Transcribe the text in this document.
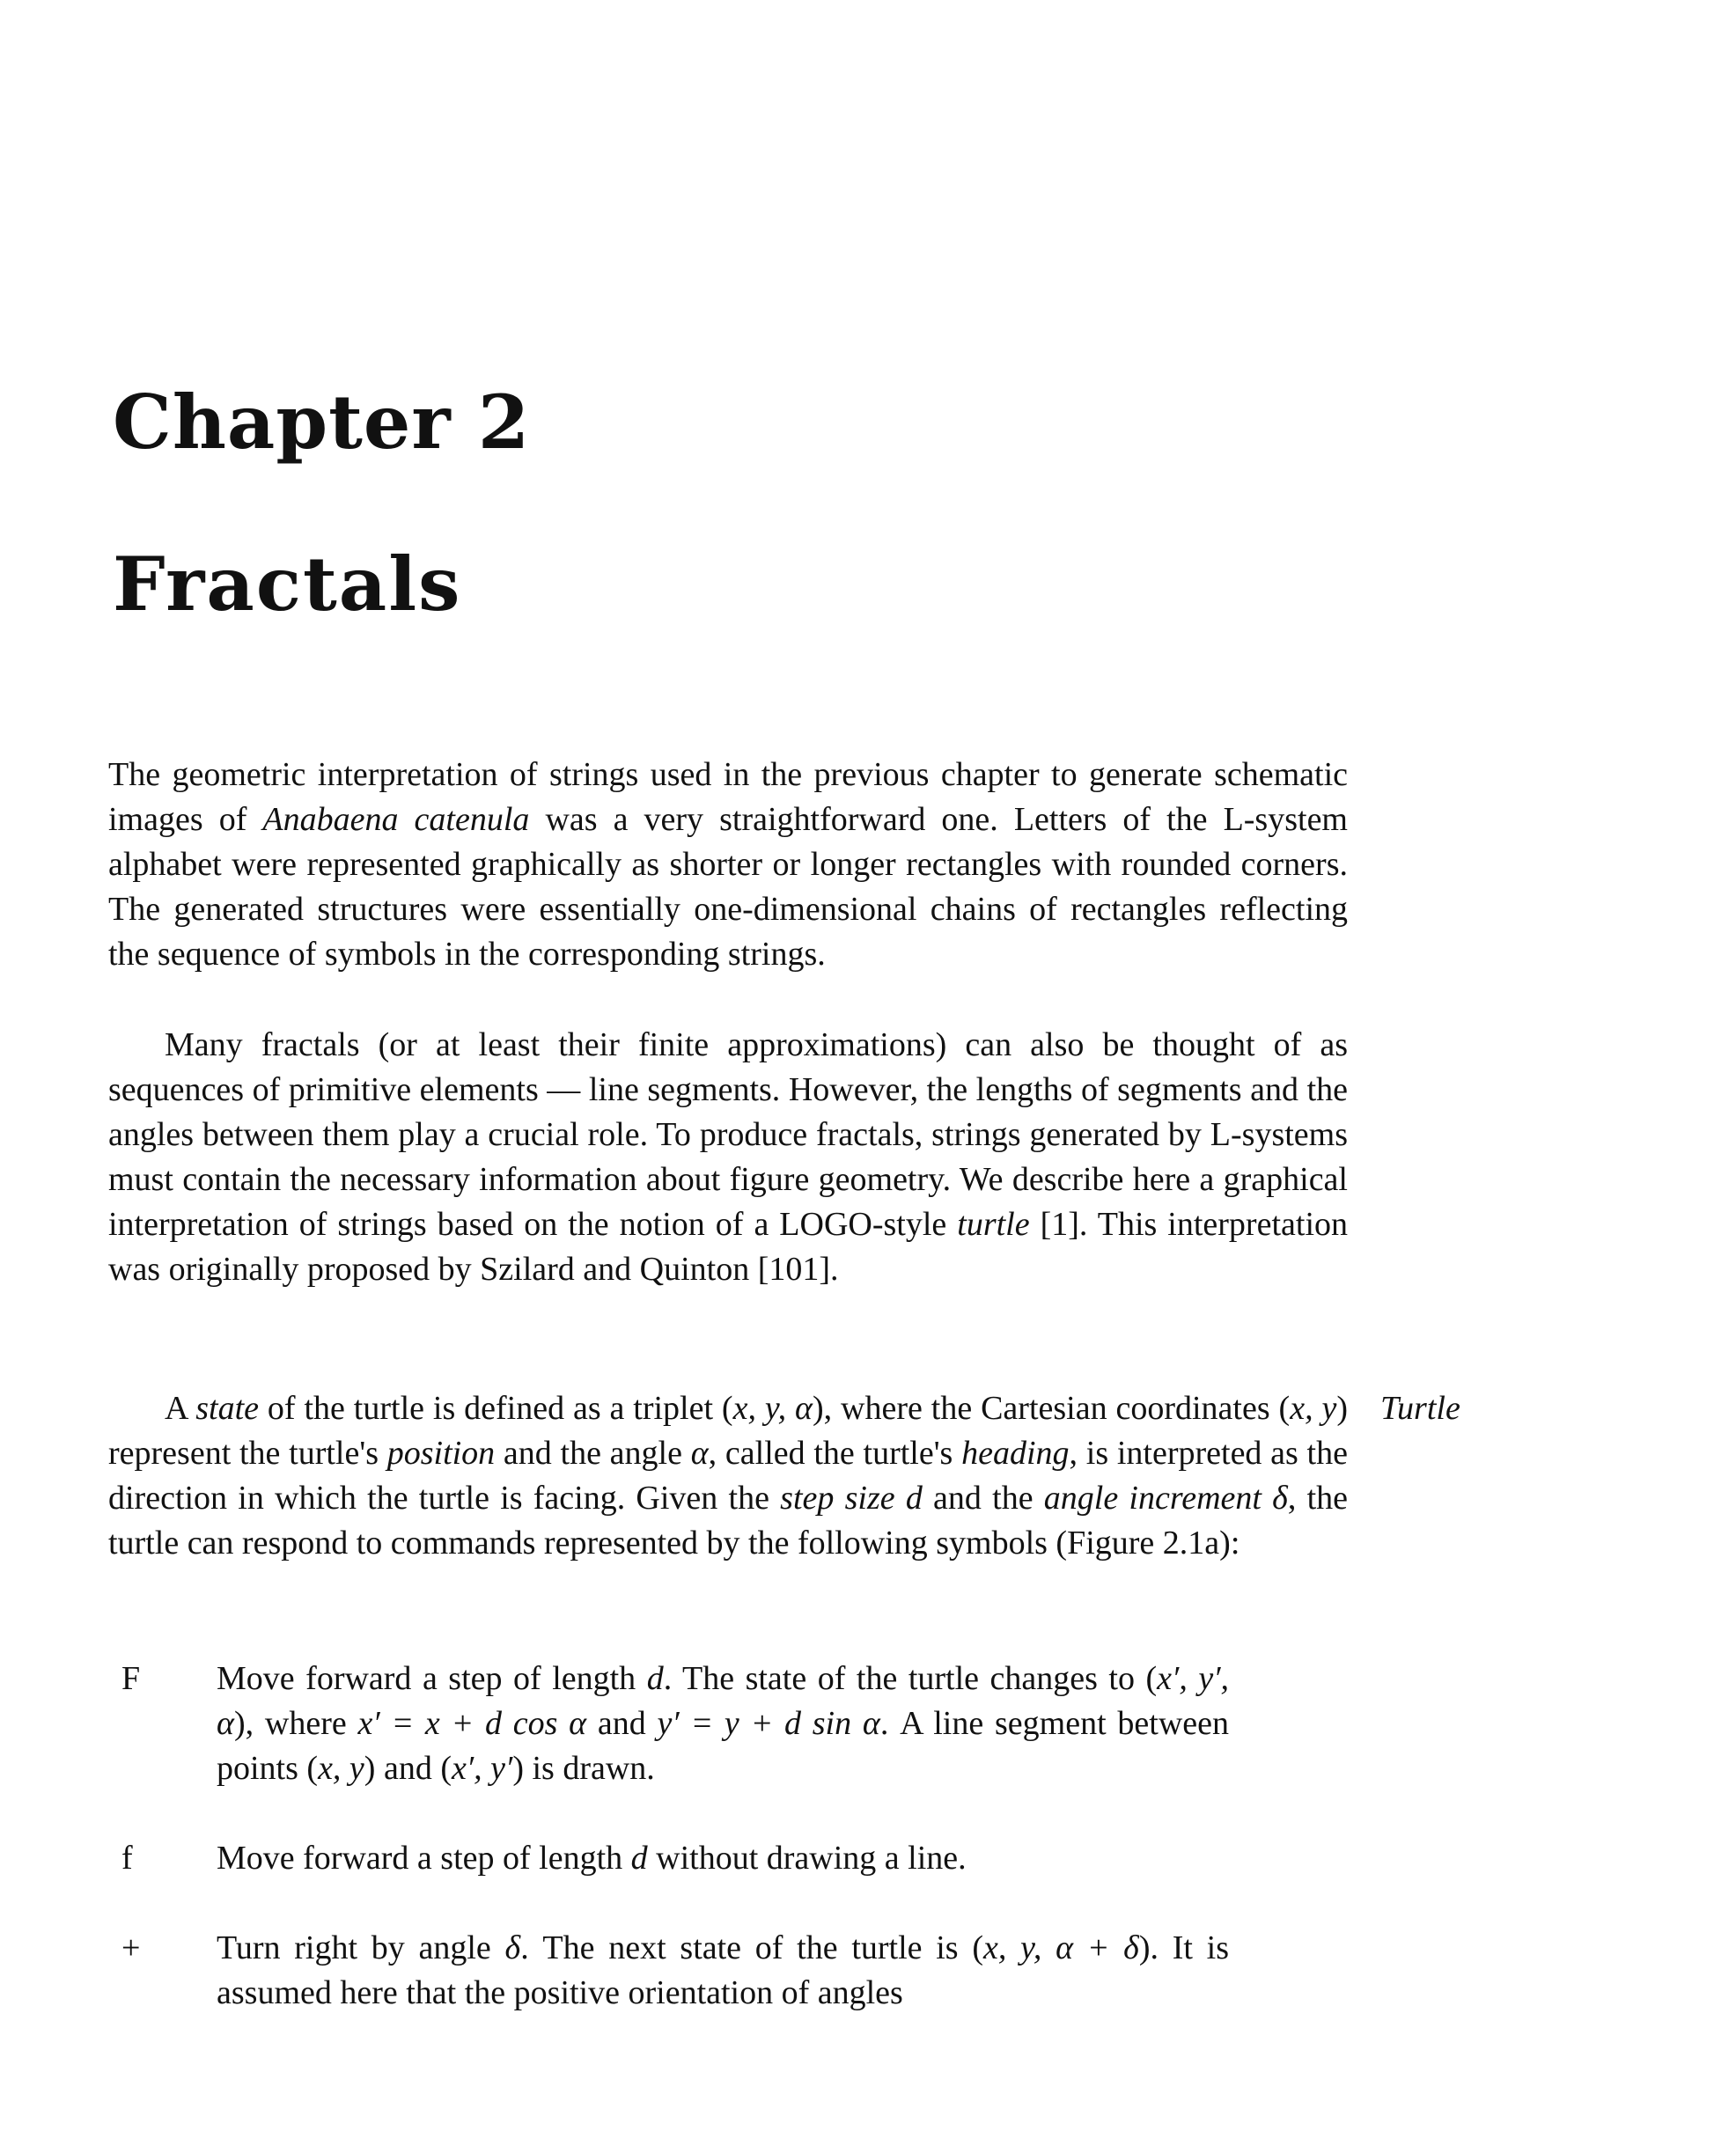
Chapter 2
Fractals

The geometric interpretation of strings used in the previous chapter to generate schematic images of Anabaena catenula was a very straightforward one. Letters of the L-system alphabet were represented graphically as shorter or longer rectangles with rounded corners. The generated structures were essentially one-dimensional chains of rectangles reflecting the sequence of symbols in the corresponding strings.

Many fractals (or at least their finite approximations) can also be thought of as sequences of primitive elements — line segments. However, the lengths of segments and the angles between them play a crucial role. To produce fractals, strings generated by L-systems must contain the necessary information about figure geometry. We describe here a graphical interpretation of strings based on the notion of a LOGO-style turtle [1]. This interpretation was originally proposed by Szilard and Quinton [101].

A state of the turtle is defined as a triplet (x, y, α), where the Cartesian coordinates (x, y) represent the turtle's position and the angle α, called the turtle's heading, is interpreted as the direction in which the turtle is facing. Given the step size d and the angle increment δ, the turtle can respond to commands represented by the following symbols (Figure 2.1a):

Turtle

F	Move forward a step of length d. The state of the turtle changes to (x′, y′, α), where x′ = x + d cos α and y′ = y + d sin α. A line segment between points (x, y) and (x′, y′) is drawn.

f	Move forward a step of length d without drawing a line.

+	Turn right by angle δ. The next state of the turtle is (x, y, α + δ). It is assumed here that the positive orientation of angles
